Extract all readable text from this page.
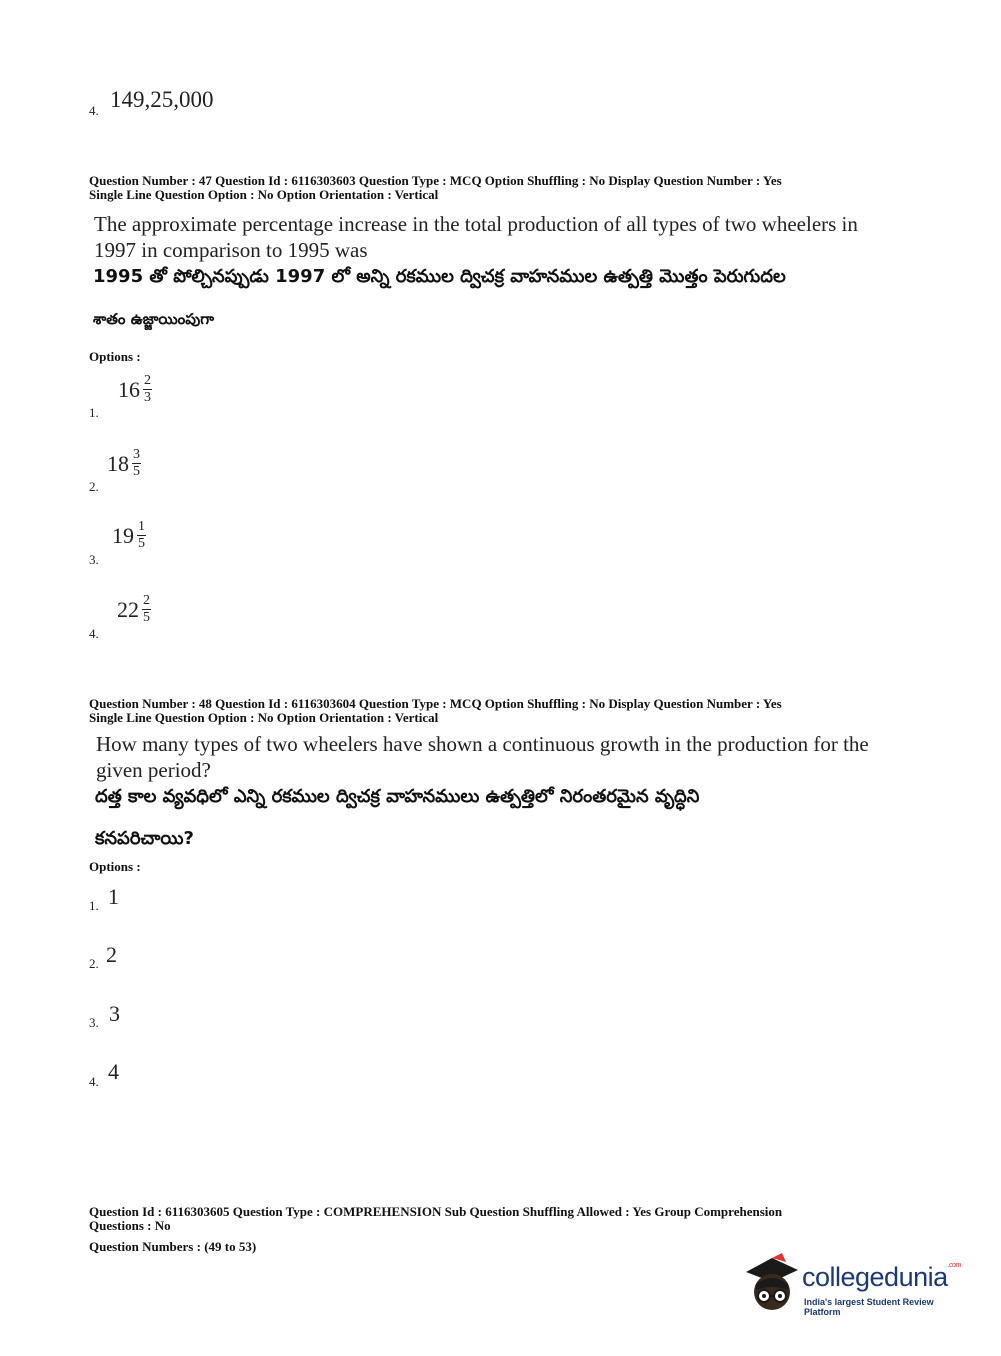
4. 149,25,000
Question Number : 47 Question Id : 6116303603 Question Type : MCQ Option Shuffling : No Display Question Number : Yes
Single Line Question Option : No Option Orientation : Vertical
The approximate percentage increase in the total production of all types of two wheelers in
1997 in comparison to 1995 was
1995 తో పోల్చినప్పుడు 1997 లో అన్ని రకముల ద్విచక్ర వాహనముల ఉత్పత్తి మొత్తం పెరుగుదల
శాతం ఉజ్జాయింపుగా
Options :
1.
$16 \frac{2}{3}$
2.
$18 \frac{3}{5}$
3.
$19 \frac{1}{5}$
4.
$22 \frac{2}{5}$
Question Number : 48 Question Id : 6116303604 Question Type : MCQ Option Shuffling : No Display Question Number : Yes
Single Line Question Option : No Option Orientation : Vertical
How many types of two wheelers have shown a continuous growth in the production for the
given period?
దత్త కాల వ్యవధిలో ఎన్ని రకముల ద్విచక్ర వాహనములు ఉత్పత్తిలో నిరంతరమైన వృద్ధిని
కనపరిచాయి?
Options :
1. 1
2. 2
3. 3
4. 4
Question Id : 6116303605 Question Type : COMPREHENSION Sub Question Shuffling Allowed : Yes Group Comprehension
Questions : No
Question Numbers : (49 to 53)
collegedunia$^{.com}$
India's largest Student Review Platform
